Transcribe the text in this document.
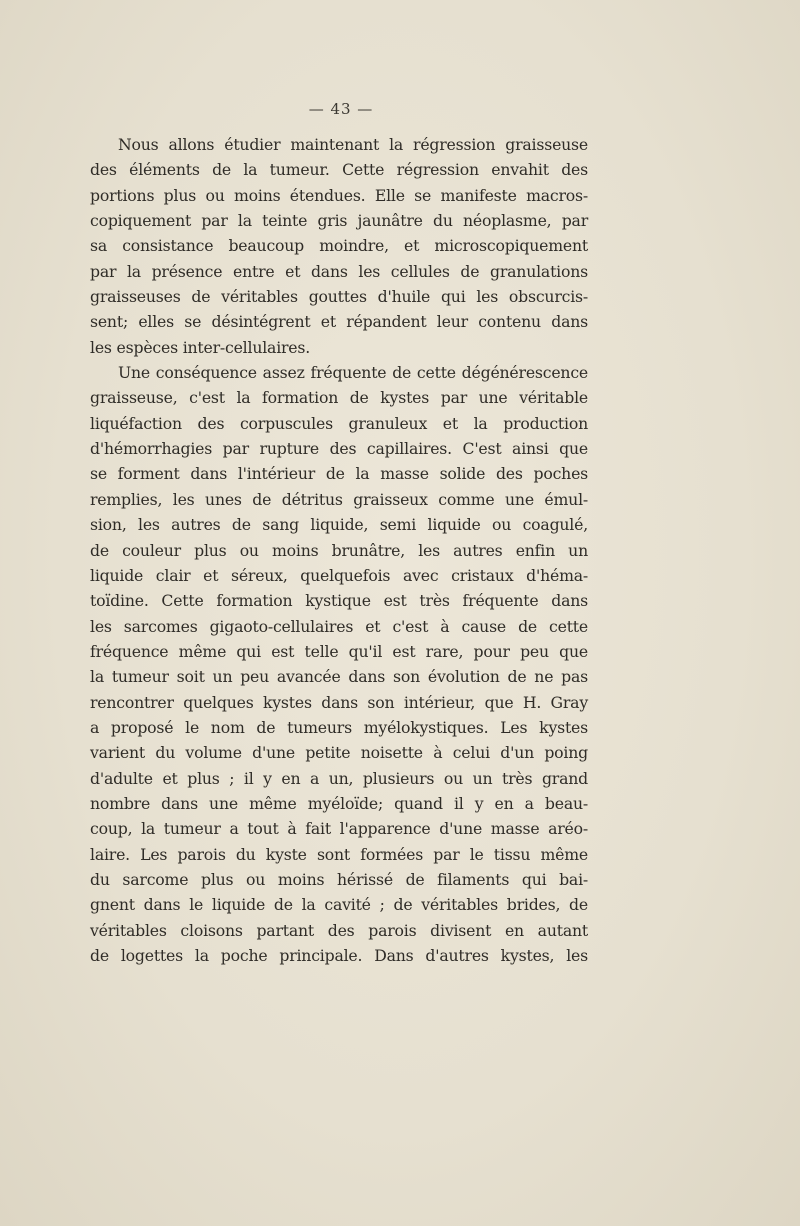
— 43 —
Nous allons étudier maintenant la régression graisseuse
des éléments de la tumeur. Cette régression envahit des
portions plus ou moins étendues. Elle se manifeste macros-
copiquement par la teinte gris jaunâtre du néoplasme, par
sa consistance beaucoup moindre, et microscopiquement
par la présence entre et dans les cellules de granulations
graisseuses de véritables gouttes d'huile qui les obscurcis-
sent; elles se désintégrent et répandent leur contenu dans
les espèces inter-cellulaires.
Une conséquence assez fréquente de cette dégénérescence
graisseuse, c'est la formation de kystes par une véritable
liquéfaction des corpuscules granuleux et la production
d'hémorrhagies par rupture des capillaires. C'est ainsi que
se forment dans l'intérieur de la masse solide des poches
remplies, les unes de détritus graisseux comme une émul-
sion, les autres de sang liquide, semi liquide ou coagulé,
de couleur plus ou moins brunâtre, les autres enfin un
liquide clair et séreux, quelquefois avec cristaux d'héma-
toïdine. Cette formation kystique est très fréquente dans
les sarcomes gigaoto-cellulaires et c'est à cause de cette
fréquence même qui est telle qu'il est rare, pour peu que
la tumeur soit un peu avancée dans son évolution de ne pas
rencontrer quelques kystes dans son intérieur, que H. Gray
a proposé le nom de tumeurs myélokystiques. Les kystes
varient du volume d'une petite noisette à celui d'un poing
d'adulte et plus ; il y en a un, plusieurs ou un très grand
nombre dans une même myéloïde; quand il y en a beau-
coup, la tumeur a tout à fait l'apparence d'une masse aréo-
laire. Les parois du kyste sont formées par le tissu même
du sarcome plus ou moins hérissé de filaments qui bai-
gnent dans le liquide de la cavité ; de véritables brides, de
véritables cloisons partant des parois divisent en autant
de logettes la poche principale. Dans d'autres kystes, les
